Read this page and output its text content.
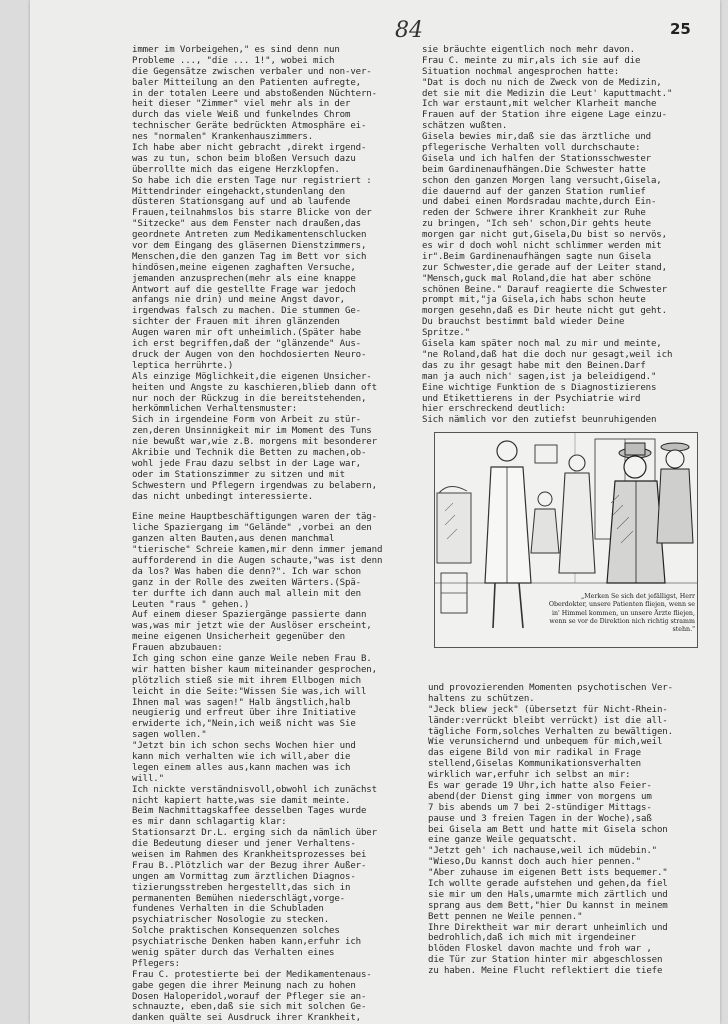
84	25
immer im Vorbeigehen," es sind denn nun
Probleme ..., "die ... 1!", wobei mich
die Gegensätze zwischen verbaler und non-ver-
baler Mitteilung an den Patienten aufregte,
in der totalen Leere und abstoßenden Nüchtern-
heit dieser "Zimmer" viel mehr als in der
durch das viele Weiß und funkelndes Chrom
technischer Geräte bedrückten Atmosphäre ei-
nes "normalen" Krankenhauszimmers.
Ich habe aber nicht gebracht ,direkt irgend-
was zu tun, schon beim bloßen Versuch dazu
überrollte mich das eigene Herzklopfen.
So habe ich die ersten Tage nur registriert :
Mittendrinder eingehackt,stundenlang den
düsteren Stationsgang auf und ab laufende
Frauen,teilnahmslos bis starre Blicke von der
"Sitzecke" aus dem Fenster nach draußen,das
geordnete Antreten zum Medikamentenschlucken
vor dem Eingang des gläsernen Dienstzimmers,
Menschen,die den ganzen Tag im Bett vor sich
hindösen,meine eigenen zaghaften Versuche,
jemanden anzusprechen(mehr als eine knappe
Antwort auf die gestellte Frage war jedoch
anfangs nie drin) und meine Angst davor,
irgendwas falsch zu machen. Die stummen Ge-
sichter der Frauen mit ihren glänzenden
Augen waren mir oft unheimlich.(Später habe
ich erst begriffen,daß der "glänzende" Aus-
druck der Augen von den hochdosierten Neuro-
leptica herrührte.)
Als einzige Möglichkeit,die eigenen Unsicher-
heiten und Ängste zu kaschieren,blieb dann oft
nur noch der Rückzug in die bereitstehenden,
herkömmlichen Verhaltensmuster:
Sich in irgendeine Form von Arbeit zu stür-
zen,deren Unsinnigkeit mir im Moment des Tuns
nie bewußt war,wie z.B. morgens mit besonderer
Akribie und Technik die Betten zu machen,ob-
wohl jede Frau dazu selbst in der Lage war,
oder im Stationszimmer zu sitzen und mit
Schwestern und Pflegern irgendwas zu belabern,
das nicht unbedingt interessierte.
Eine meine Hauptbeschäftigungen waren der täg-
liche Spaziergang im "Gelände" ,vorbei an den
ganzen alten Bauten,aus denen manchmal
"tierische" Schreie kamen,mir denn immer jemand
aufforderend in die Augen schaute,"was ist denn
da los? Was haben die denn?". Ich war schon
ganz in der Rolle des zweiten Wärters.(Spä-
ter durfte ich dann auch mal allein mit den
Leuten "raus " gehen.)
Auf einem dieser Spaziergänge passierte dann
was,was mir jetzt wie der Auslöser erscheint,
meine eigenen Unsicherheit gegenüber den
Frauen abzubauen:
Ich ging schon eine ganze Weile neben Frau B.
wir hatten bisher kaum miteinander gesprochen,
plötzlich stieß sie mit ihrem Ellbogen mich
leicht in die Seite:"Wissen Sie was,ich will
Ihnen mal was sagen!" Halb ängstlich,halb
neugierig und erfreut über ihre Initiative
erwiderte ich,"Nein,ich weiß nicht was Sie
sagen wollen."
"Jetzt bin ich schon sechs Wochen hier und
kann mich verhalten wie ich will,aber die
legen einem alles aus,kann machen was ich
will."
Ich nickte verständnisvoll,obwohl ich zunächst
nicht kapiert hatte,was sie damit meinte.
Beim Nachmittagskaffee desselben Tages wurde
es mir dann schlagartig klar:
Stationsarzt Dr.L. erging sich da nämlich über
die Bedeutung dieser und jener Verhaltens-
weisen im Rahmen des Krankheitsprozesses bei
Frau B..Plötzlich war der Bezug ihrer Äußer-
ungen am Vormittag zum ärztlichen Diagnos-
tizierungsstreben hergestellt,das sich in
permanenten Bemühen niederschlägt,vorge-
fundenes Verhalten in die Schubladen
psychiatrischer Nosologie zu stecken.
Solche praktischen Konsequenzen solches
psychiatrische Denken haben kann,erfuhr ich
wenig später durch das Verhalten eines
Pflegers:
Frau C. protestierte bei der Medikamentenaus-
gabe gegen die ihrer Meinung nach zu hohen
Dosen Haloperidol,worauf der Pfleger sie an-
schnauzte, eben,daß sie sich mit solchen Ge-
danken quälte sei Ausdruck ihrer Krankheit,
sie bräuchte eigentlich noch mehr davon.
Frau C. meinte zu mir,als ich sie auf die
Situation nochmal angesprochen hatte:
"Dat is doch nu nich de Zweck von de Medizin,
det sie mit die Medizin die Leut' kaputtmacht."
Ich war erstaunt,mit welcher Klarheit manche
Frauen auf der Station ihre eigene Lage einzu-
schätzen wußten.
Gisela bewies mir,daß sie das ärztliche und
pflegerische Verhalten voll durchschaute:
Gisela und ich halfen der Stationsschwester
beim Gardinenaufhängen.Die Schwester hatte
schon den ganzen Morgen lang versucht,Gisela,
die dauernd auf der ganzen Station rumlief
und dabei einen Mordsradau machte,durch Ein-
reden der Schwere ihrer Krankheit zur Ruhe
zu bringen, "Ich seh' schon,Dir gehts heute
morgen gar nicht gut,Gisela,Du bist so nervös,
es wir d doch wohl nicht schlimmer werden mit
ir".Beim Gardinenaufhängen sagte nun Gisela
zur Schwester,die gerade auf der Leiter stand,
"Mensch,guck mal Roland,die hat aber schöne
schönen Beine." Darauf reagierte die Schwester
prompt mit,"ja Gisela,ich habs schon heute
morgen gesehn,daß es Dir heute nicht gut geht.
Du brauchst bestimmt bald wieder Deine
Spritze."
Gisela kam später noch mal zu mir und meinte,
"ne Roland,daß hat die doch nur gesagt,weil ich
das zu ihr gesagt habe mit den Beinen.Darf
man ja auch nich' sagen,ist ja beleidigend."
Eine wichtige Funktion de s Diagnostizierens
und Etikettierens in der Psychiatrie wird
hier erschreckend deutlich:
Sich nämlich vor den zutiefst beunruhigenden
„Merken Se sich det jefälligst, Herr Oberdokter, unsere Patienten fliejen, wenn se in' Himmel kommen, un unsere Ärzte fliejen, wenn se vor de Direktion nich richtig stramm stehn."
und provozierenden Momenten psychotischen Ver-
haltens zu schützen.
"Jeck bliew jeck" (übersetzt für Nicht-Rhein-
länder:verrückt bleibt verrückt) ist die all-
tägliche Form,solches Verhalten zu bewältigen.
Wie verunsichernd und unbequem für mich,weil
das eigene Bild von mir radikal in Frage
stellend,Giselas Kommunikationsverhalten
wirklich war,erfuhr ich selbst an mir:
Es war gerade 19 Uhr,ich hatte also Feier-
abend(der Dienst ging immer von morgens um
7 bis abends um 7 bei 2-stündiger Mittags-
pause und 3 freien Tagen in der Woche),saß
bei Gisela am Bett und hatte mit Gisela schon
eine ganze Weile gequatscht.
"Jetzt geh' ich nachause,weil ich müdebin."
"Wieso,Du kannst doch auch hier pennen."
"Aber zuhause im eigenen Bett ists bequemer."
Ich wollte gerade aufstehen und gehen,da fiel
sie mir um den Hals,umarmte mich zärtlich und
sprang aus dem Bett,"hier Du kannst in meinem
Bett pennen ne Weile pennen."
Ihre Direktheit war mir derart unheimlich und
bedrohlich,daß ich mich mit irgendeiner
blöden Floskel davon machte und froh war ,
die Tür zur Station hinter mir abgeschlossen
zu haben. Meine Flucht reflektiert die tiefe
